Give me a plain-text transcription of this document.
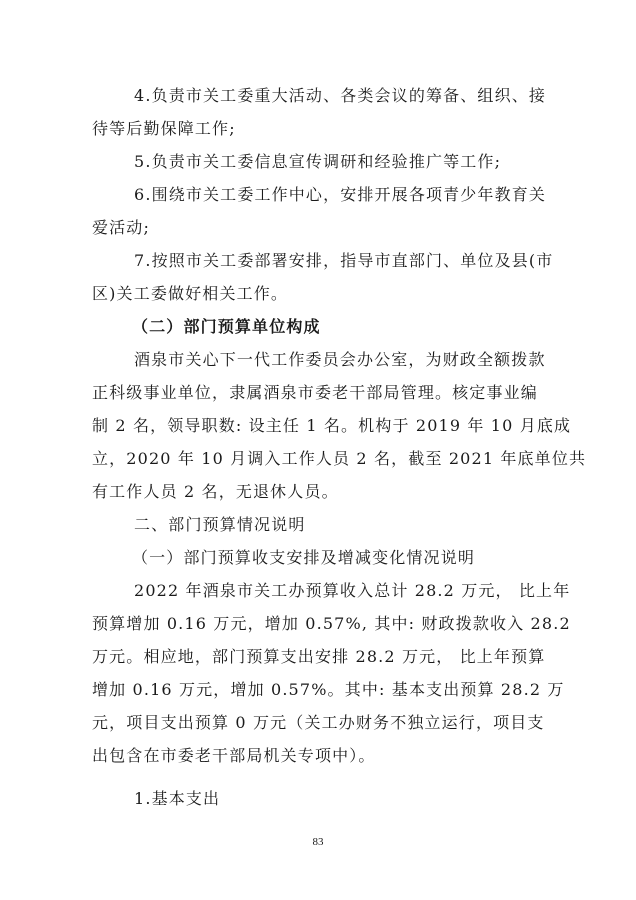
4.负责市关工委重大活动、各类会议的筹备、组织、接
待等后勤保障工作;
5.负责市关工委信息宣传调研和经验推广等工作;
6.围绕市关工委工作中心，安排开展各项青少年教育关
爱活动;
7.按照市关工委部署安排，指导市直部门、单位及县(市
区)关工委做好相关工作。
（二）部门预算单位构成
酒泉市关心下一代工作委员会办公室，为财政全额拨款
正科级事业单位，隶属酒泉市委老干部局管理。核定事业编
制 2 名，领导职数: 设主任 1 名。机构于 2019 年 10 月底成
立，2020 年 10 月调入工作人员 2 名，截至 2021 年底单位共
有工作人员 2 名，无退休人员。
二、部门预算情况说明
（一）部门预算收支安排及增减变化情况说明
2022 年酒泉市关工办预算收入总计 28.2 万元， 比上年
预算增加 0.16 万元，增加 0.57%, 其中: 财政拨款收入 28.2
万元。相应地，部门预算支出安排 28.2 万元， 比上年预算
增加 0.16 万元，增加 0.57%。其中: 基本支出预算 28.2 万
元，项目支出预算 0 万元（关工办财务不独立运行，项目支
出包含在市委老干部局机关专项中）。
1.基本支出
83
